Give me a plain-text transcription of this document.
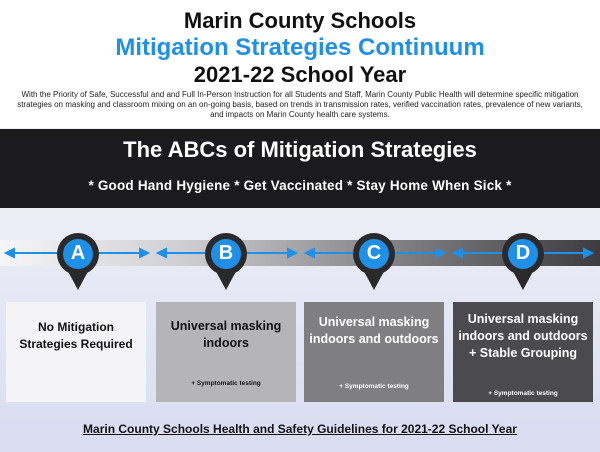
Marin County Schools
Mitigation Strategies Continuum
2021-22 School Year
With the Priority of Safe, Successful and and Full In-Person Instruction for all Students and Staff, Marin County Public Health will determine specific mitigation strategies on masking and classroom mixing on an on-going basis, based on trends in transmission rates, verified vaccination rates, prevalence of new variants, and impacts on Marin County health care systems.
The ABCs of Mitigation Strategies
* Good Hand Hygiene * Get Vaccinated * Stay Home When Sick *
A	B	C	D
No Mitigation Strategies Required
Universal masking indoors
+ Symptomatic testing
Universal masking indoors and outdoors
+ Symptomatic testing
Universal masking indoors and outdoors + Stable Grouping
+ Symptomatic testing
Marin County Schools Health and Safety Guidelines for 2021-22 School Year
